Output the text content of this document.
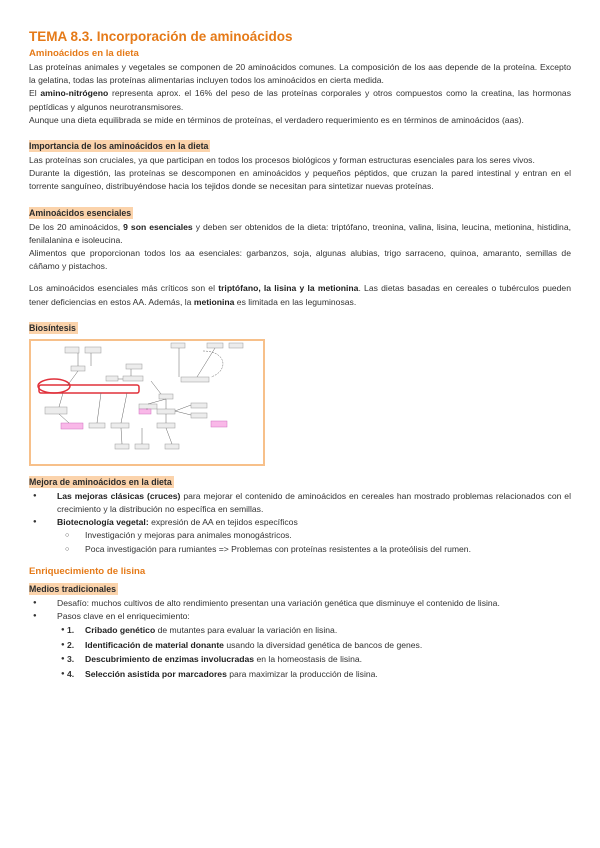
TEMA 8.3. Incorporación de aminoácidos
Aminoácidos en la dieta

Las proteínas animales y vegetales se componen de 20 aminoácidos comunes. La composición de los aas depende de la proteína. Excepto la gelatina, todas las proteínas alimentarias incluyen todos los aminoácidos en cierta medida.

El amino-nitrógeno representa aprox. el 16% del peso de las proteínas corporales y otros compuestos como la creatina, las hormonas peptídicas y algunos neurotransmisores.

Aunque una dieta equilibrada se mide en términos de proteínas, el verdadero requerimiento es en términos de aminoácidos (aas).

Importancia de los aminoácidos en la dieta

Las proteínas son cruciales, ya que participan en todos los procesos biológicos y forman estructuras esenciales para los seres vivos.

Durante la digestión, las proteínas se descomponen en aminoácidos y pequeños péptidos, que cruzan la pared intestinal y entran en el torrente sanguíneo, distribuyéndose hacia los tejidos donde se necesitan para sintetizar nuevas proteínas.

Aminoácidos esenciales

De los 20 aminoácidos, 9 son esenciales y deben ser obtenidos de la dieta: triptófano, treonina, valina, lisina, leucina, metionina, histidina, fenilalanina e isoleucina.

Alimentos que proporcionan todos los aa esenciales: garbanzos, soja, algunas alubias, trigo sarraceno, quinoa, amaranto, semillas de cáñamo y pistachos.

Los aminoácidos esenciales más críticos son el triptófano, la lisina y la metionina. Las dietas basadas en cereales o tubérculos pueden tener deficiencias en estos AA. Además, la metionina es limitada en las leguminosas.

Biosíntesis
Mejora de aminoácidos en la dieta
● Las mejoras clásicas (cruces) para mejorar el contenido de aminoácidos en cereales han mostrado problemas relacionados con el crecimiento y la distribución no específica en semillas.
● Biotecnología vegetal: expresión de AA en tejidos específicos
○ Investigación y mejoras para animales monogástricos.
○ Poca investigación para rumiantes => Problemas con proteínas resistentes a la proteólisis del rumen.
Enriquecimiento de lisina
Medios tradicionales
● Desafío: muchos cultivos de alto rendimiento presentan una variación genética que disminuye el contenido de lisina.
● Pasos clave en el enriquecimiento:
● 1. Cribado genético de mutantes para evaluar la variación en lisina.
● 2. Identificación de material donante usando la diversidad genética de bancos de genes.
● 3. Descubrimiento de enzimas involucradas en la homeostasis de lisina.
● 4. Selección asistida por marcadores para maximizar la producción de lisina.
